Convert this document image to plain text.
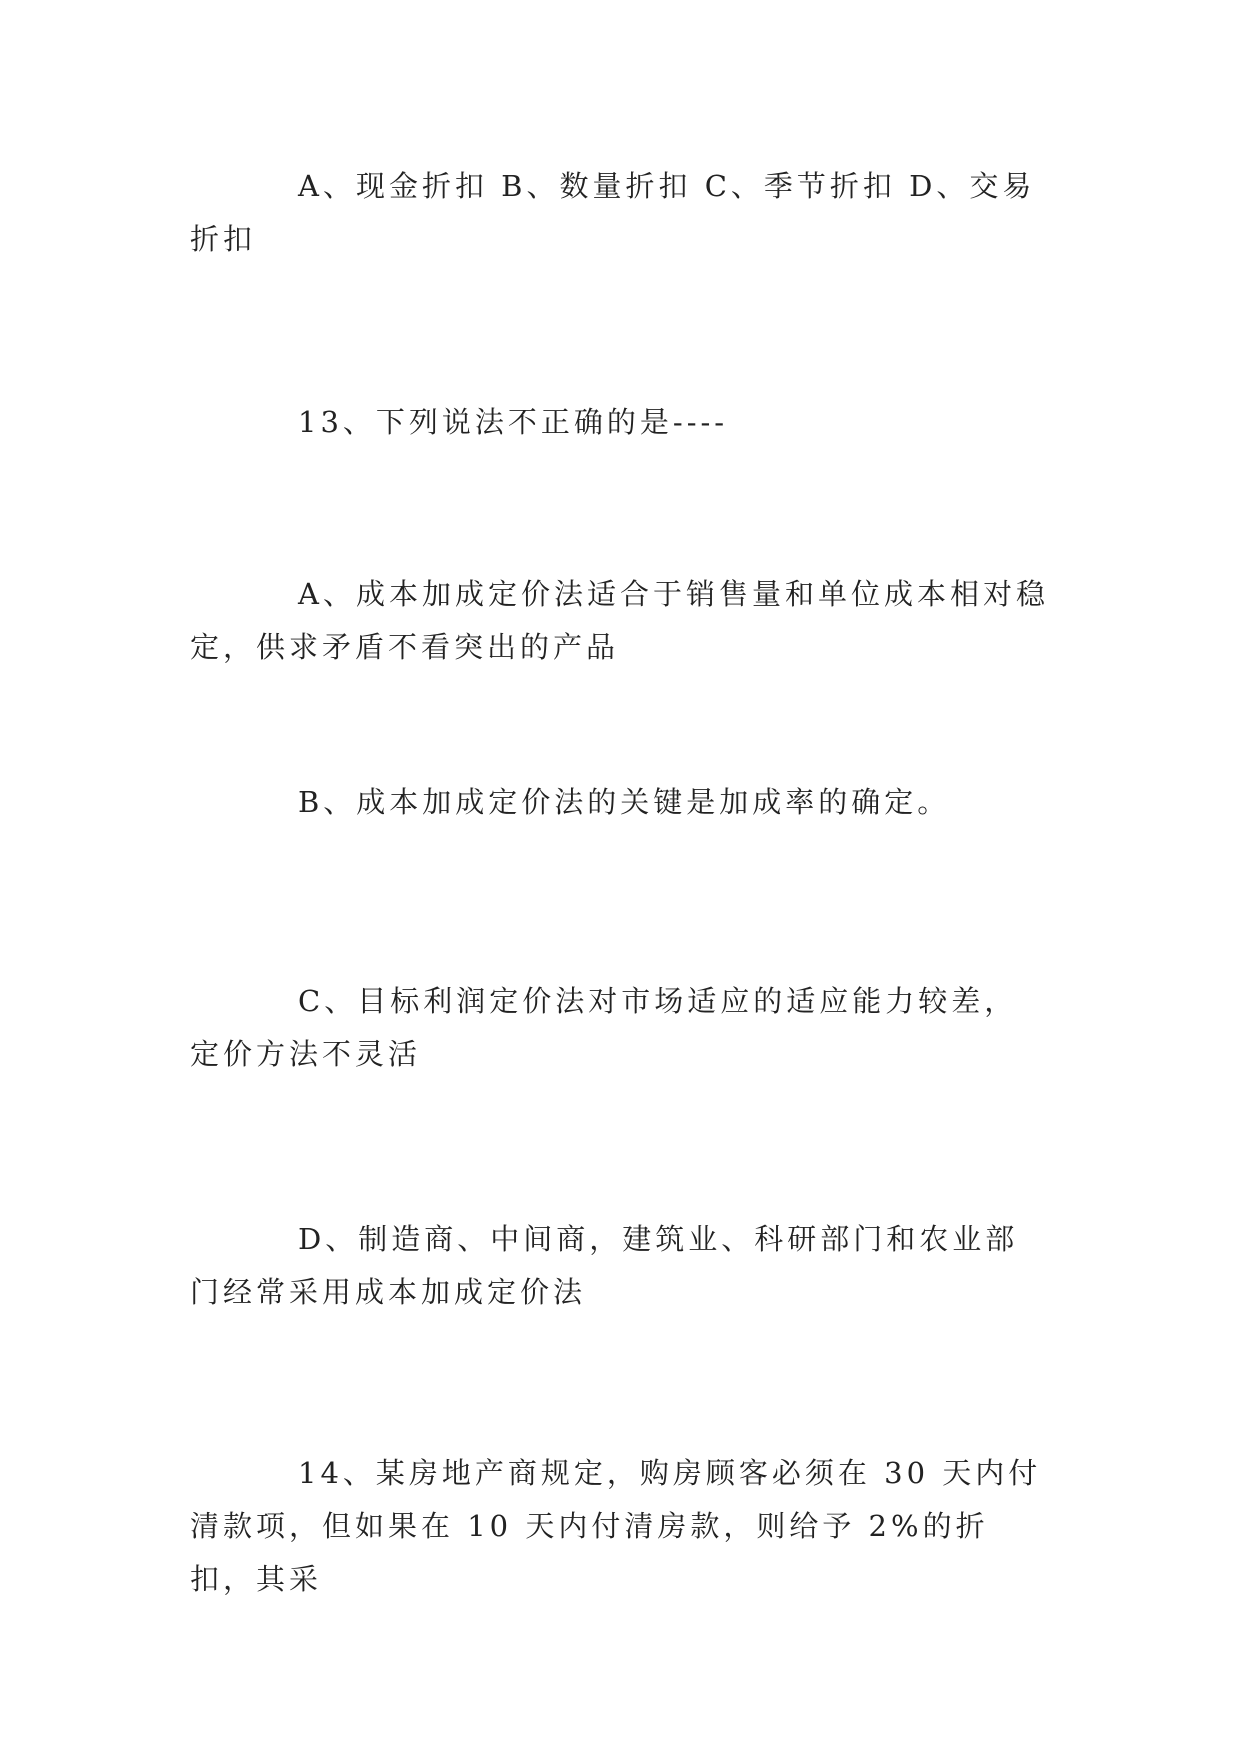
A、现金折扣 B、数量折扣 C、季节折扣 D、交易折扣

13、下列说法不正确的是----

A、成本加成定价法适合于销售量和单位成本相对稳定，供求矛盾不看突出的产品

B、成本加成定价法的关键是加成率的确定。

C、目标利润定价法对市场适应的适应能力较差，定价方法不灵活

D、制造商、中间商，建筑业、科研部门和农业部门经常采用成本加成定价法

14、某房地产商规定，购房顾客必须在 30 天内付清款项，但如果在 10 天内付清房款，则给予 2%的折扣，其采
